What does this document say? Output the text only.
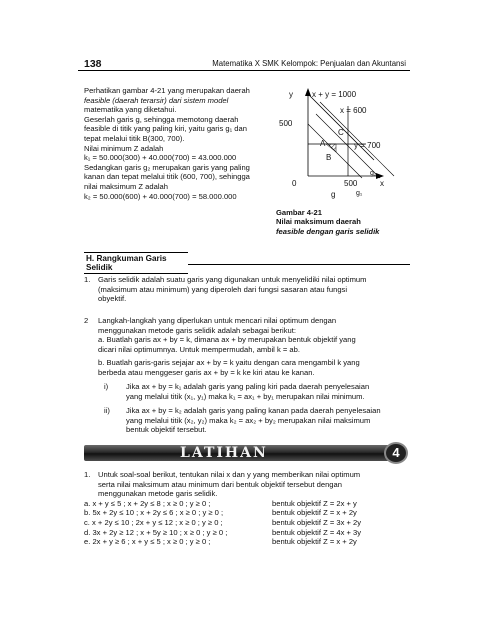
138	Matematika X SMK Kelompok: Penjualan dan Akuntansi
Perhatikan gambar 4-21 yang merupakan daerah
feasible (daerah terarsir) dari sistem model
matematika yang diketahui.
Geserlah garis g, sehingga memotong daerah
feasible di titik yang paling kiri, yaitu garis g₁ dan
tepat melalui titik B(300, 700).
Nilai minimum Z adalah
k₁ = 50.000(300) + 40.000(700) = 43.000.000
Sedangkan garis g₂ merupakan garis yang paling
kanan dan tepat melalui titik (600, 700), sehingga
nilai maksimum Z adalah
k₂ = 50.000(600) + 40.000(700) = 58.000.000
y x + y = 1000
x = 600
500
C
A	y = 700
B
g₂
0	500	x
g	g₁
Gambar 4-21
Nilai maksimum daerah
feasible dengan garis selidik
H. Rangkuman Garis Selidik
1.	Garis selidik adalah suatu garis yang digunakan untuk menyelidiki nilai optimum
(maksimum atau minimum) yang diperoleh dari fungsi sasaran atau fungsi
obyektif.
2	Langkah-langkah yang diperlukan untuk mencari nilai optimum dengan
menggunakan metode garis selidik adalah sebagai berikut:
a. Buatlah garis ax + by = k, dimana ax + by merupakan bentuk objektif yang
dicari nilai optimumnya. Untuk mempermudah, ambil k = ab.
b. Buatlah garis-garis sejajar ax + by = k yaitu dengan cara mengambil k yang
berbeda atau menggeser garis ax + by = k ke kiri atau ke kanan.
i)	Jika ax + by = k₁ adalah garis yang paling kiri pada daerah penyelesaian
yang melalui titik (x₁, y₁) maka k₁ = ax₁ + by₁ merupakan nilai minimum.
ii)	Jika ax + by = k₂ adalah garis yang paling kanan pada daerah penyelesaian
yang melalui titik (x₂, y₂) maka k₂ = ax₂ + by₂ merupakan nilai maksimum
bentuk objektif tersebut.
LATIHAN	4
1.	Untuk soal-soal berikut, tentukan nilai x dan y yang memberikan nilai optimum
serta nilai maksimum atau minimum dari bentuk objektif tersebut dengan
menggunakan metode garis selidik.
a. x + y ≤ 5 ; x + 2y ≤ 8 ; x ≥ 0 ; y ≥ 0 ;	bentuk objektif Z = 2x + y
b. 5x + 2y ≤ 10 ; x + 2y ≤ 6 ; x ≥ 0 ; y ≥ 0 ;	bentuk objektif Z = x + 2y
c. x + 2y ≤ 10 ; 2x + y ≤ 12 ; x ≥ 0 ; y ≥ 0 ;	bentuk objektif Z = 3x + 2y
d. 3x + 2y ≥ 12 ; x + 5y ≥ 10 ; x ≥ 0 ; y ≥ 0 ;	bentuk objektif Z = 4x + 3y
e. 2x + y ≥ 6 ; x + y ≤ 5 ; x ≥ 0 ; y ≥ 0 ;	bentuk objektif Z = x + 2y
